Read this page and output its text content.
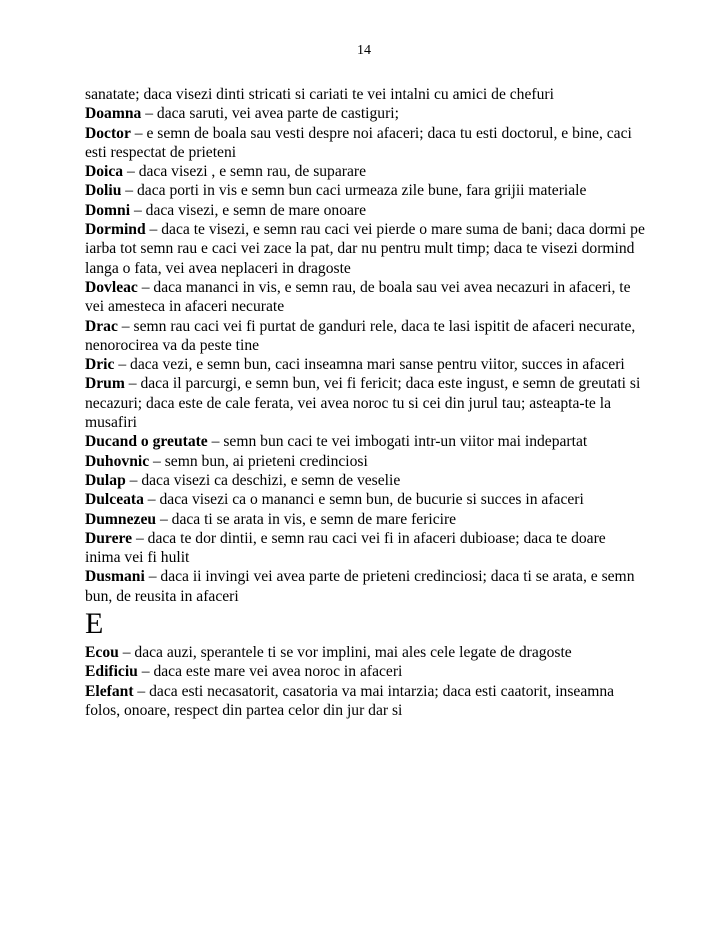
14

sanatate; daca visezi dinti stricati si cariati te vei intalni cu amici de chefuri

Doamna – daca saruti, vei avea parte de castiguri;

Doctor – e semn de boala sau vesti despre noi afaceri; daca tu esti doctorul, e bine, caci esti respectat de prieteni

Doica – daca visezi , e semn rau, de suparare

Doliu – daca porti in vis e semn bun caci urmeaza zile bune, fara grijii materiale

Domni – daca visezi, e semn de mare onoare

Dormind – daca te visezi, e semn rau caci vei pierde o mare suma de bani; daca dormi pe iarba tot semn rau e caci vei zace la pat, dar nu pentru mult timp; daca te visezi dormind langa o fata, vei avea neplaceri in dragoste

Dovleac – daca mananci in vis, e semn rau, de boala sau vei avea necazuri in afaceri, te vei amesteca in afaceri necurate

Drac – semn rau caci vei fi purtat de ganduri rele, daca te lasi ispitit de afaceri necurate, nenorocirea va da peste tine

Dric – daca vezi, e semn bun, caci inseamna mari sanse pentru viitor, succes in afaceri

Drum – daca il parcurgi, e semn bun, vei fi fericit; daca este ingust, e semn de greutati si necazuri; daca este de cale ferata, vei avea noroc tu si cei din jurul tau; asteapta-te la musafiri

Ducand o greutate – semn bun caci te vei imbogati intr-un viitor mai indepartat

Duhovnic – semn bun, ai prieteni credinciosi

Dulap – daca visezi ca deschizi, e semn de veselie

Dulceata – daca visezi ca o mananci e semn bun, de bucurie si succes in afaceri

Dumnezeu – daca ti se arata in vis, e semn de mare fericire

Durere – daca te dor dintii, e semn rau caci vei fi in afaceri dubioase; daca te doare inima vei fi hulit

Dusmani – daca ii invingi vei avea parte de prieteni credinciosi; daca ti se arata, e semn bun, de reusita in afaceri

E

Ecou – daca auzi, sperantele ti se vor implini, mai ales cele legate de dragoste

Edificiu – daca este mare vei avea noroc in afaceri

Elefant – daca esti necasatorit, casatoria va mai intarzia; daca esti caatorit, inseamna folos, onoare, respect din partea celor din jur dar si
